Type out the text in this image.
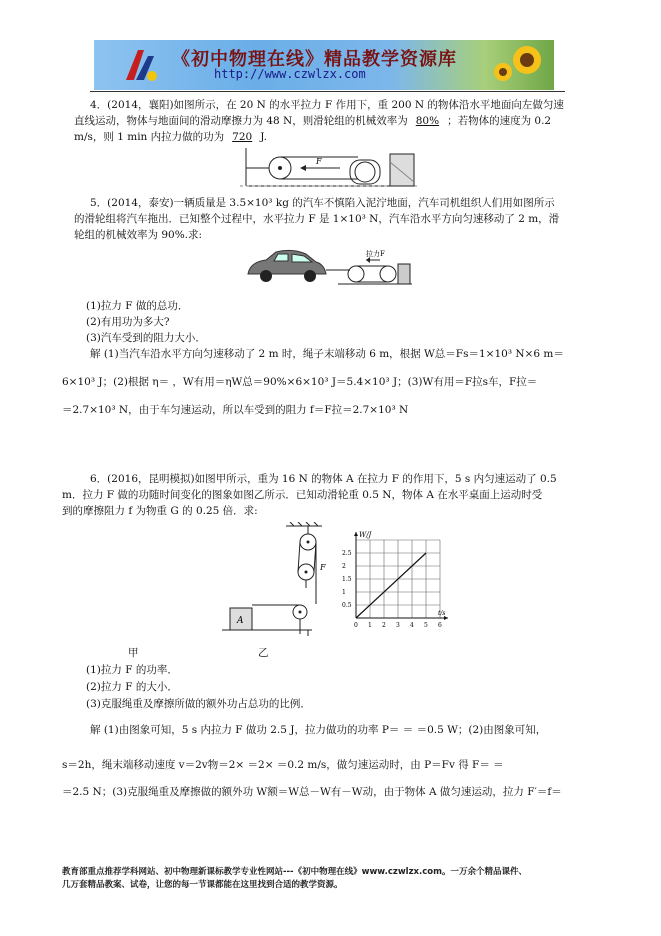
《初中物理在线》精品教学资源库
http://www.czwlzx.com
4．(2014，襄阳)如图所示，在 20 N 的水平拉力 F 作用下，重 200 N 的物体沿水平地面向左做匀速
直线运动，物体与地面间的滑动摩擦力为 48 N，则滑轮组的机械效率为 80% ；若物体的速度为 0.2
m/s，则 1 min 内拉力做的功为 720 J.
F
5．(2014，泰安)一辆质量是 3.5×10³ kg 的汽车不慎陷入泥泞地面，汽车司机组织人们用如图所示
的滑轮组将汽车拖出．已知整个过程中，水平拉力 F 是 1×10³ N，汽车沿水平方向匀速移动了 2 m，滑
轮组的机械效率为 90%.求:
拉力F
(1)拉力 F 做的总功．
(2)有用功为多大?
(3)汽车受到的阻力大小．
解 (1)当汽车沿水平方向匀速移动了 2 m 时，绳子末端移动 6 m，根据 W总＝Fs＝1×10³ N×6 m＝
6×10³ J；(2)根据 η＝ ，W有用＝ηW总＝90%×6×10³ J＝5.4×10³ J；(3)W有用＝F拉s车，F拉＝
＝2.7×10³ N，由于车匀速运动，所以车受到的阻力 f＝F拉＝2.7×10³ N
6．(2016，昆明模拟)如图甲所示，重为 16 N 的物体 A 在拉力 F 的作用下，5 s 内匀速运动了 0.5
m．拉力 F 做的功随时间变化的图象如图乙所示．已知动滑轮重 0.5 N，物体 A 在水平桌面上运动时受
到的摩擦阻力 f 为物重 G 的 0.25 倍．求:
F
A	0 1 2 3 4 5 6
0.5
1
1.5
2
2.5
W/J
t/s
甲	乙
(1)拉力 F 的功率．
(2)拉力 F 的大小．
(3)克服绳重及摩擦所做的额外功占总功的比例．
解 (1)由图象可知，5 s 内拉力 F 做功 2.5 J，拉力做功的功率 P＝ ＝ ＝0.5 W；(2)由图象可知，
s＝2h，绳末端移动速度 v＝2v物＝2× ＝2× ＝0.2 m/s，做匀速运动时，由 P＝Fv 得 F＝ ＝
＝2.5 N；(3)克服绳重及摩擦做的额外功 W额＝W总－W有－W动，由于物体 A 做匀速运动，拉力 F′＝f＝
教育部重点推荐学科网站、初中物理新课标教学专业性网站---《初中物理在线》www.czwlzx.com。一万余个精品课件、
几万套精品教案、试卷，让您的每一节课都能在这里找到合适的教学资源。
